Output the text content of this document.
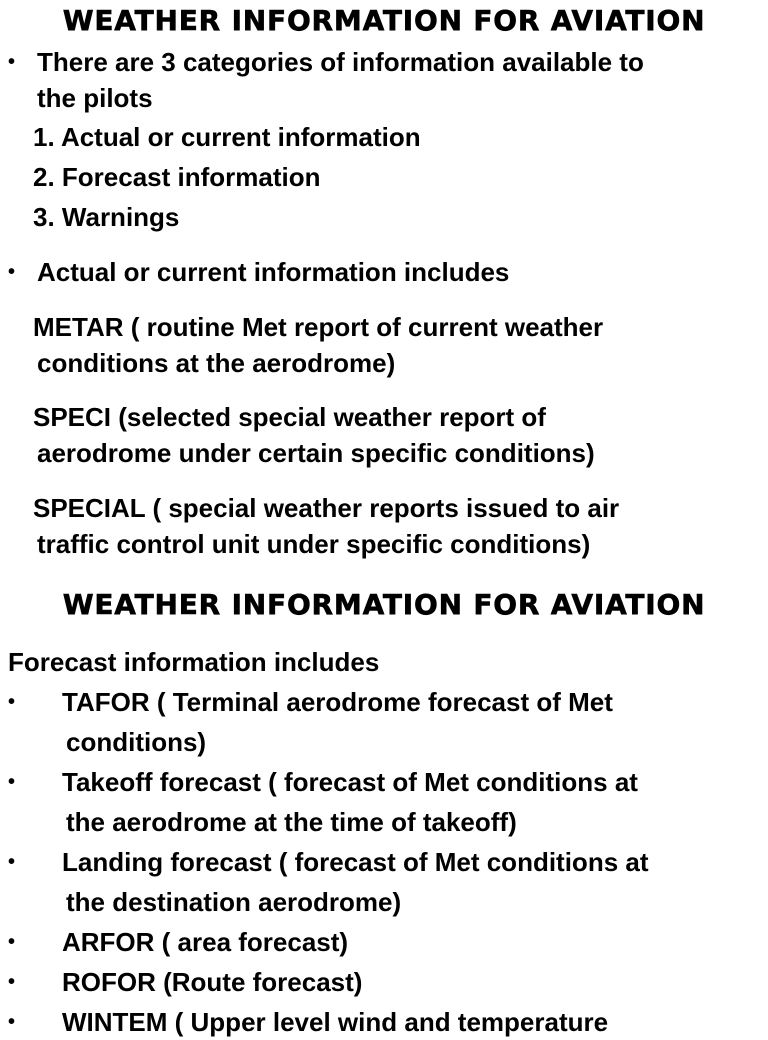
WEATHER INFORMATION FOR AVIATION
• There are 3 categories of information available to
the pilots
1. Actual or current information
2. Forecast information
3. Warnings
• Actual or current information includes
METAR ( routine Met report of current weather
conditions at the aerodrome)
SPECI (selected special weather report of
aerodrome under certain specific conditions)
SPECIAL ( special weather reports issued to air
traffic control unit under specific conditions)
WEATHER INFORMATION FOR AVIATION
Forecast information includes
• TAFOR ( Terminal aerodrome forecast of Met
conditions)
• Takeoff forecast ( forecast of Met conditions at
the aerodrome at the time of takeoff)
• Landing forecast ( forecast of Met conditions at
the destination aerodrome)
• ARFOR ( area forecast)
• ROFOR (Route forecast)
• WINTEM ( Upper level wind and temperature
